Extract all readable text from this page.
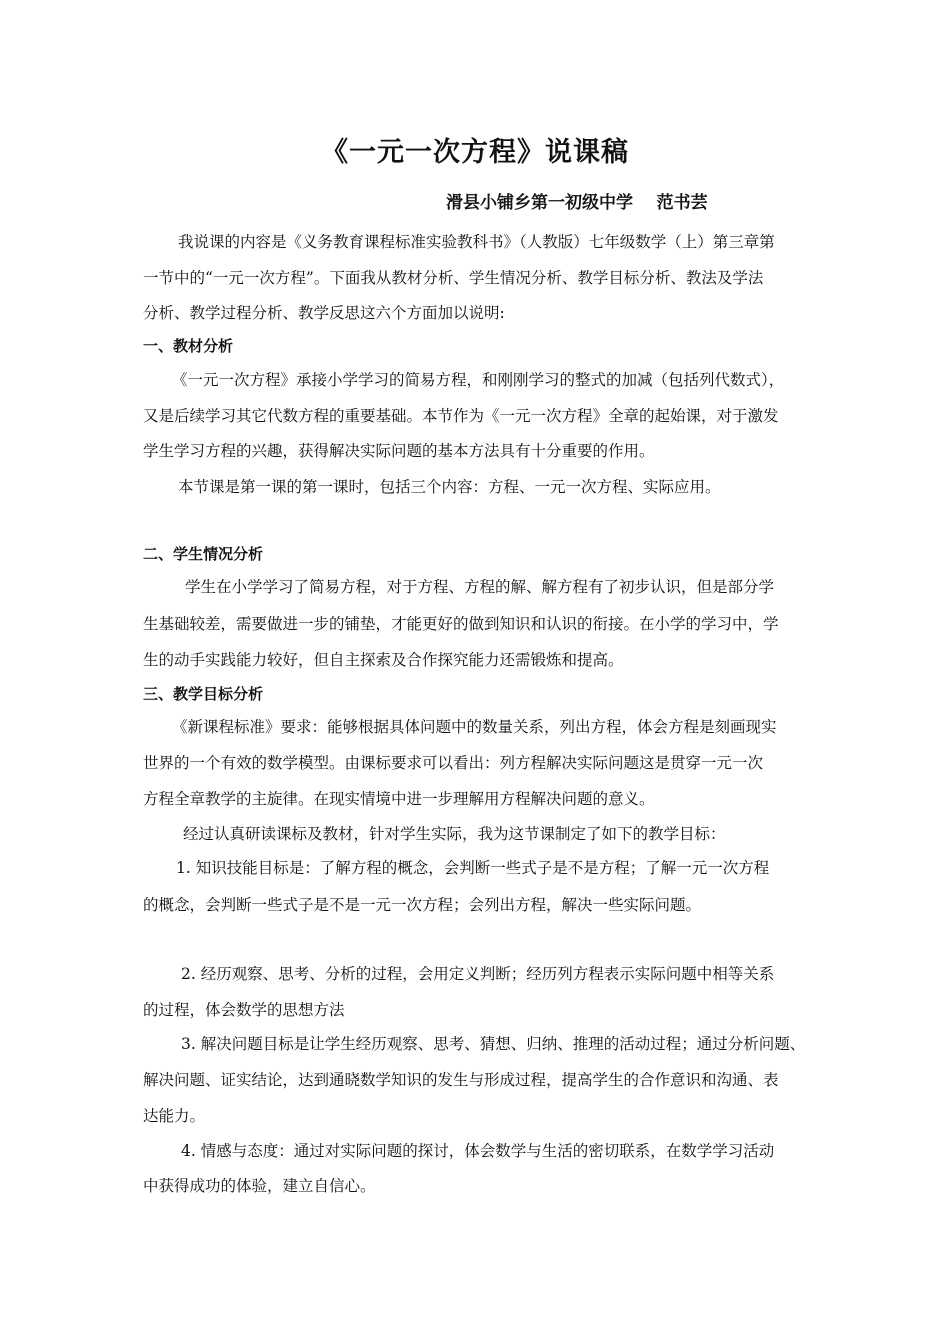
《一元一次方程》说课稿
滑县小铺乡第一初级中学    范书芸
我说课的内容是《义务教育课程标准实验教科书》（人教版）七年级数学（上）第三章第
一节中的“一元一次方程”。下面我从教材分析、学生情况分析、教学目标分析、教法及学法
分析、教学过程分析、教学反思这六个方面加以说明:
一、教材分析
《一元一次方程》承接小学学习的简易方程，和刚刚学习的整式的加减（包括列代数式），
又是后续学习其它代数方程的重要基础。本节作为《一元一次方程》全章的起始课，对于激发
学生学习方程的兴趣，获得解决实际问题的基本方法具有十分重要的作用。
本节课是第一课的第一课时，包括三个内容：方程、一元一次方程、实际应用。
二、学生情况分析
学生在小学学习了简易方程，对于方程、方程的解、解方程有了初步认识，但是部分学
生基础较差，需要做进一步的铺垫，才能更好的做到知识和认识的衔接。在小学的学习中，学
生的动手实践能力较好，但自主探索及合作探究能力还需锻炼和提高。
三、教学目标分析
《新课程标准》要求：能够根据具体问题中的数量关系，列出方程，体会方程是刻画现实
世界的一个有效的数学模型。由课标要求可以看出：列方程解决实际问题这是贯穿一元一次
方程全章教学的主旋律。在现实情境中进一步理解用方程解决问题的意义。
经过认真研读课标及教材，针对学生实际，我为这节课制定了如下的教学目标：
1. 知识技能目标是：了解方程的概念，会判断一些式子是不是方程；了解一元一次方程
的概念，会判断一些式子是不是一元一次方程；会列出方程，解决一些实际问题。
2. 经历观察、思考、分析的过程，会用定义判断；经历列方程表示实际问题中相等关系
的过程，体会数学的思想方法
3. 解决问题目标是让学生经历观察、思考、猜想、归纳、推理的活动过程；通过分析问题、
解决问题、证实结论，达到通晓数学知识的发生与形成过程，提高学生的合作意识和沟通、表
达能力。
4. 情感与态度：通过对实际问题的探讨，体会数学与生活的密切联系，在数学学习活动
中获得成功的体验，建立自信心。
